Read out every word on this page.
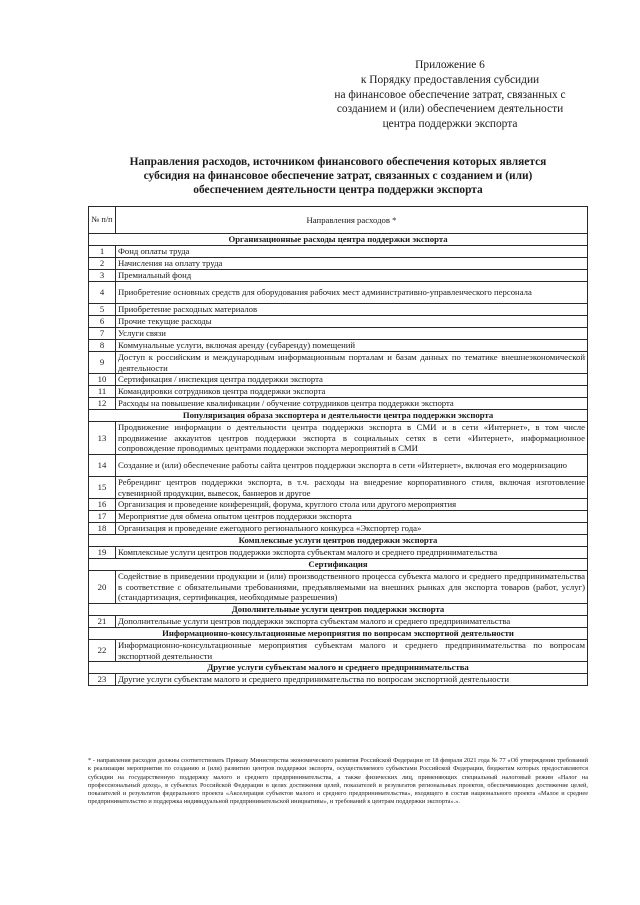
Приложение 6
к Порядку предоставления субсидии
на финансовое обеспечение затрат, связанных с
созданием и (или) обеспечением деятельности
центра поддержки экспорта
Направления расходов, источником финансового обеспечения которых является
субсидия на финансовое обеспечение затрат, связанных с созданием и (или)
обеспечением деятельности центра поддержки экспорта
№ п/п	Направления расходов *
Организационные расходы центра поддержки экспорта	
1	Фонд оплаты труда
2	Начисления на оплату труда
3	Премиальный фонд
4	Приобретение основных средств для оборудования рабочих мест административно-управленческого персонала
5	Приобретение расходных материалов
6	Прочие текущие расходы
7	Услуги связи
8	Коммунальные услуги, включая аренду (субаренду) помещений
9	Доступ к российским и международным информационным порталам и базам данных по тематике внешнеэкономической деятельности
10	Сертификация / инспекция центра поддержки экспорта
11	Командировки сотрудников центра поддержки экспорта
12	Расходы на повышение квалификации / обучение сотрудников центра поддержки экспорта
Популяризация образа экспортера и деятельности центра поддержки экспорта	
13	Продвижение информации о деятельности центра поддержки экспорта в СМИ и в сети «Интернет», в том числе продвижение аккаунтов центров поддержки экспорта в социальных сетях в сети «Интернет», информационное сопровождение проводимых центрами поддержки экспорта мероприятий в СМИ
14	Создание и (или) обеспечение работы сайта центров поддержки экспорта в сети «Интернет», включая его модернизацию
15	Ребрендинг центров поддержки экспорта, в т.ч. расходы на внедрение корпоративного стиля, включая изготовление сувенирной продукции, вывесок, баннеров и другое
16	Организация и проведение конференций, форума, круглого стола или другого мероприятия
17	Мероприятие для обмена опытом центров поддержки экспорта
18	Организация и проведение ежегодного регионального конкурса «Экспортер года»
Комплексные услуги центров поддержки экспорта	
19	Комплексные услуги центров поддержки экспорта субъектам малого и среднего предпринимательства
Сертификация	
20	Содействие в приведении продукции и (или) производственного процесса субъекта малого и среднего предпринимательства в соответствие с обязательными требованиями, предъявляемыми на внешних рынках для экспорта товаров (работ, услуг) (стандартизация, сертификация, необходимые разрешения)
Дополнительные услуги центров поддержки экспорта	
21	Дополнительные услуги центров поддержки экспорта субъектам малого и среднего предпринимательства
Информационно-консультационные мероприятия по вопросам экспортной деятельности	
22	Информационно-консультационные мероприятия субъектам малого и среднего предпринимательства по вопросам экспортной деятельности
Другие услуги субъектам малого и среднего предпринимательства	
23	Другие услуги субъектам малого и среднего предпринимательства по вопросам экспортной деятельности
* - направления расходов должны соответствовать Приказу Министерства экономического развития Российской Федерации от 18 февраля 2021 года № 77 «Об утверждении требований к реализации мероприятия по созданию и (или) развитию центров поддержки экспорта, осуществляемого субъектами Российской Федерации, бюджетам которых предоставляются субсидии на государственную поддержку малого и среднего предпринимательства, а также физических лиц, применяющих специальный налоговый режим «Налог на профессиональный доход», в субъектах Российской Федерации в целях достижения целей, показателей и результатов региональных проектов, обеспечивающих достижение целей, показателей и результатов федерального проекта «Акселерация субъектов малого и среднего предпринимательства», входящего в состав национального проекта «Малое и среднее предпринимательство и поддержка индивидуальной предпринимательской инициативы», и требований к центрам поддержки экспорта».».
